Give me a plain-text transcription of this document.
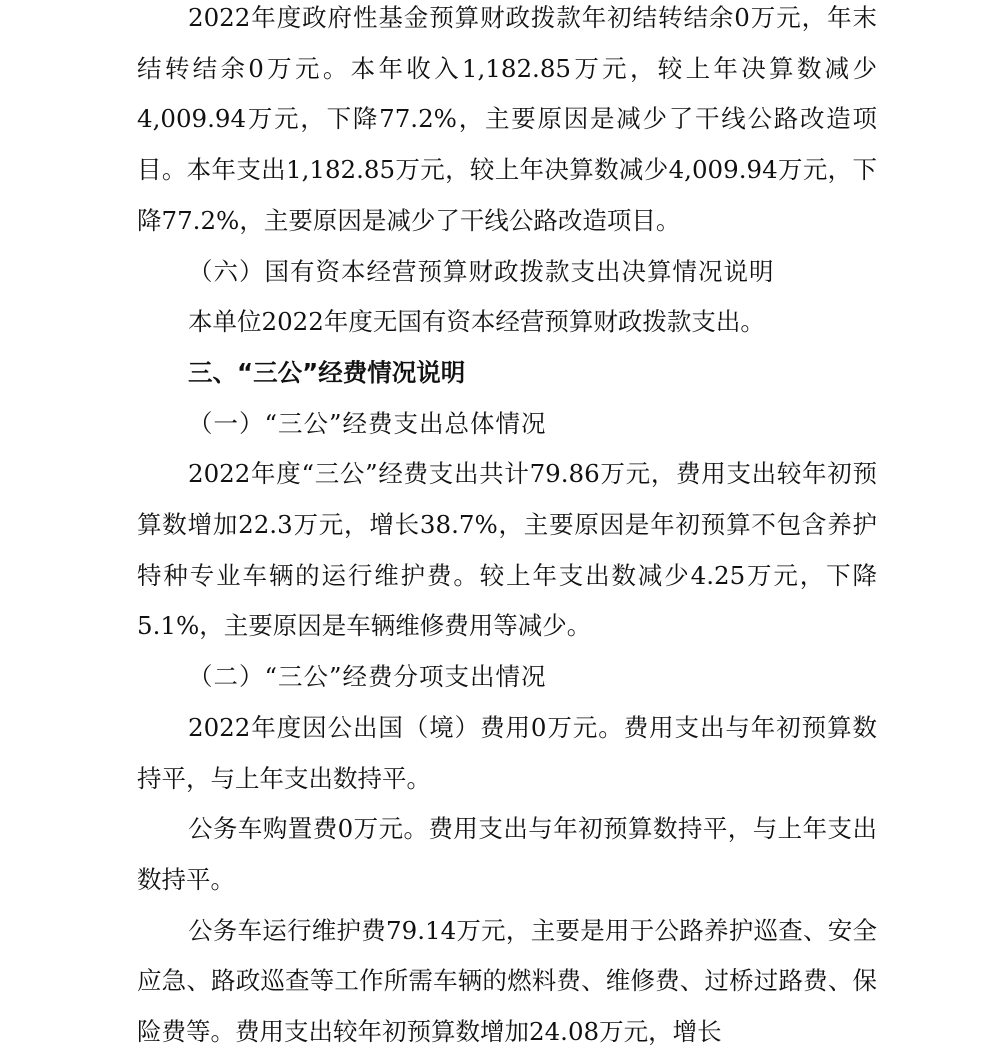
2022年度政府性基金预算财政拨款年初结转结余0万元，年末结转结余0万元。本年收入1,182.85万元，较上年决算数减少4,009.94万元，下降77.2%，主要原因是减少了干线公路改造项目。本年支出1,182.85万元，较上年决算数减少4,009.94万元，下降77.2%，主要原因是减少了干线公路改造项目。

（六）国有资本经营预算财政拨款支出决算情况说明

本单位2022年度无国有资本经营预算财政拨款支出。

三、“三公”经费情况说明

（一）“三公”经费支出总体情况

2022年度“三公”经费支出共计79.86万元，费用支出较年初预算数增加22.3万元，增长38.7%，主要原因是年初预算不包含养护特种专业车辆的运行维护费。较上年支出数减少4.25万元，下降5.1%，主要原因是车辆维修费用等减少。

（二）“三公”经费分项支出情况

2022年度因公出国（境）费用0万元。费用支出与年初预算数持平，与上年支出数持平。

公务车购置费0万元。费用支出与年初预算数持平，与上年支出数持平。

公务车运行维护费79.14万元，主要是用于公路养护巡查、安全应急、路政巡查等工作所需车辆的燃料费、维修费、过桥过路费、保险费等。费用支出较年初预算数增加24.08万元，增长
